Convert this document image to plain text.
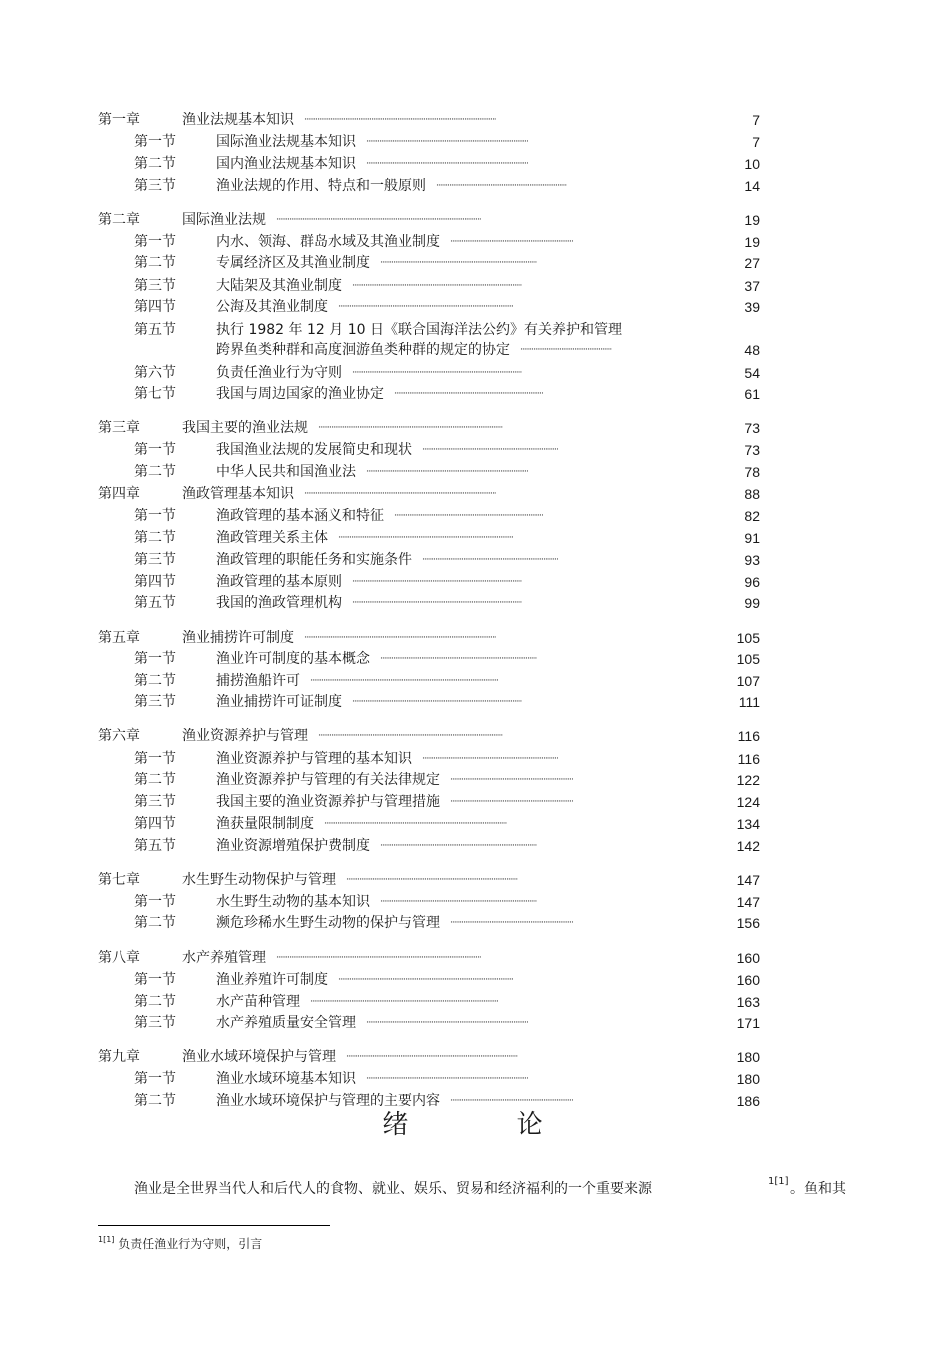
第一章	渔业法规基本知识 ·······································································································	7
第一节	国际渔业法规基本知识 ·······················································································	7
第二节	国内渔业法规基本知识 ·······················································································	10
第三节	渔业法规的作用、特点和一般原则 ······································································	14
第二章	国际渔业法规 ··············································································································	19
第一节	内水、领海、群岛水域及其渔业制度 ··································································	19
第二节	专属经济区及其渔业制度 ····················································································	27
第三节	大陆架及其渔业制度 ···························································································	37
第四节	公海及其渔业制度 ······························································································	39
第五节	执行 1982 年 12 月 10 日《联合国海洋法公约》有关养护和管理
跨界鱼类种群和高度洄游鱼类种群的规定的协定 ·················································	48
第六节	负责任渔业行为守则 ···························································································	54
第七节	我国与周边国家的渔业协定 ················································································	61
第三章	我国主要的渔业法规 ···································································································	73
第一节	我国渔业法规的发展简史和现状 ·········································································	73
第二节	中华人民共和国渔业法 ·······················································································	78
第四章	渔政管理基本知识 ·······································································································	88
第一节	渔政管理的基本涵义和特征 ················································································	82
第二节	渔政管理关系主体 ······························································································	91
第三节	渔政管理的职能任务和实施条件 ·········································································	93
第四节	渔政管理的基本原则 ···························································································	96
第五节	我国的渔政管理机构 ···························································································	99
第五章	渔业捕捞许可制度 ·······································································································	105
第一节	渔业许可制度的基本概念 ····················································································	105
第二节	捕捞渔船许可 ·····································································································	107
第三节	渔业捕捞许可证制度 ···························································································	111
第六章	渔业资源养护与管理 ···································································································	116
第一节	渔业资源养护与管理的基本知识 ·········································································	116
第二节	渔业资源养护与管理的有关法律规定 ··································································	122
第三节	我国主要的渔业资源养护与管理措施 ··································································	124
第四节	渔获量限制制度 ··································································································	134
第五节	渔业资源增殖保护费制度 ····················································································	142
第七章	水生野生动物保护与管理 ····························································································	147
第一节	水生野生动物的基本知识 ····················································································	147
第二节	濒危珍稀水生野生动物的保护与管理 ··································································	156
第八章	水产养殖管理 ··············································································································	160
第一节	渔业养殖许可制度 ······························································································	160
第二节	水产苗种管理 ·····································································································	163
第三节	水产养殖质量安全管理 ·······················································································	171
第九章	渔业水域环境保护与管理 ····························································································	180
第一节	渔业水域环境基本知识 ·······················································································	180
第二节	渔业水域环境保护与管理的主要内容 ··································································	186
绪 论
渔业是全世界当代人和后代人的食物、就业、娱乐、贸易和经济福利的一个重要来源	1[1] 。鱼和其
$^{1[1]}$ 负责任渔业行为守则，引言
